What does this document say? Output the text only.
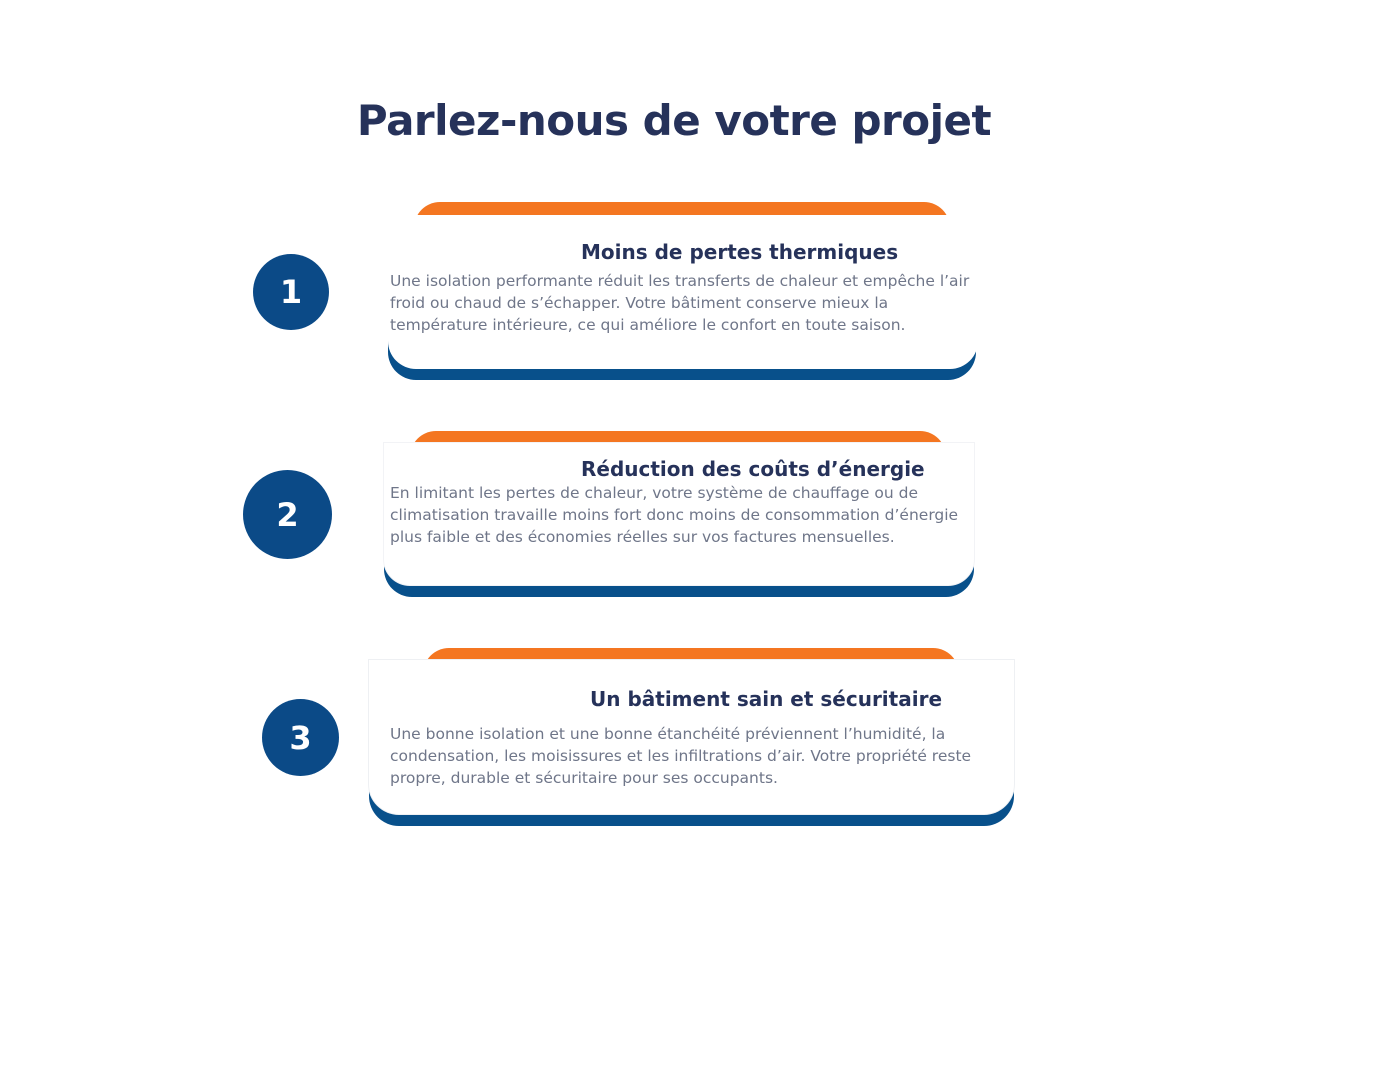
Parlez-nous de votre projet
1
Moins de pertes thermiques

Une isolation performante réduit les transferts de chaleur et empêche l’air froid ou chaud de s’échapper. Votre bâtiment conserve mieux la température intérieure, ce qui améliore le confort en toute saison.

2
Réduction des coûts d’énergie

En limitant les pertes de chaleur, votre système de chauffage ou de climatisation travaille moins fort donc moins de consommation d’énergie plus faible et des économies réelles sur vos factures mensuelles.

3
Un bâtiment sain et sécuritaire

Une bonne isolation et une bonne étanchéité préviennent l’humidité, la condensation, les moisissures et les infiltrations d’air. Votre propriété reste propre, durable et sécuritaire pour ses occupants.
